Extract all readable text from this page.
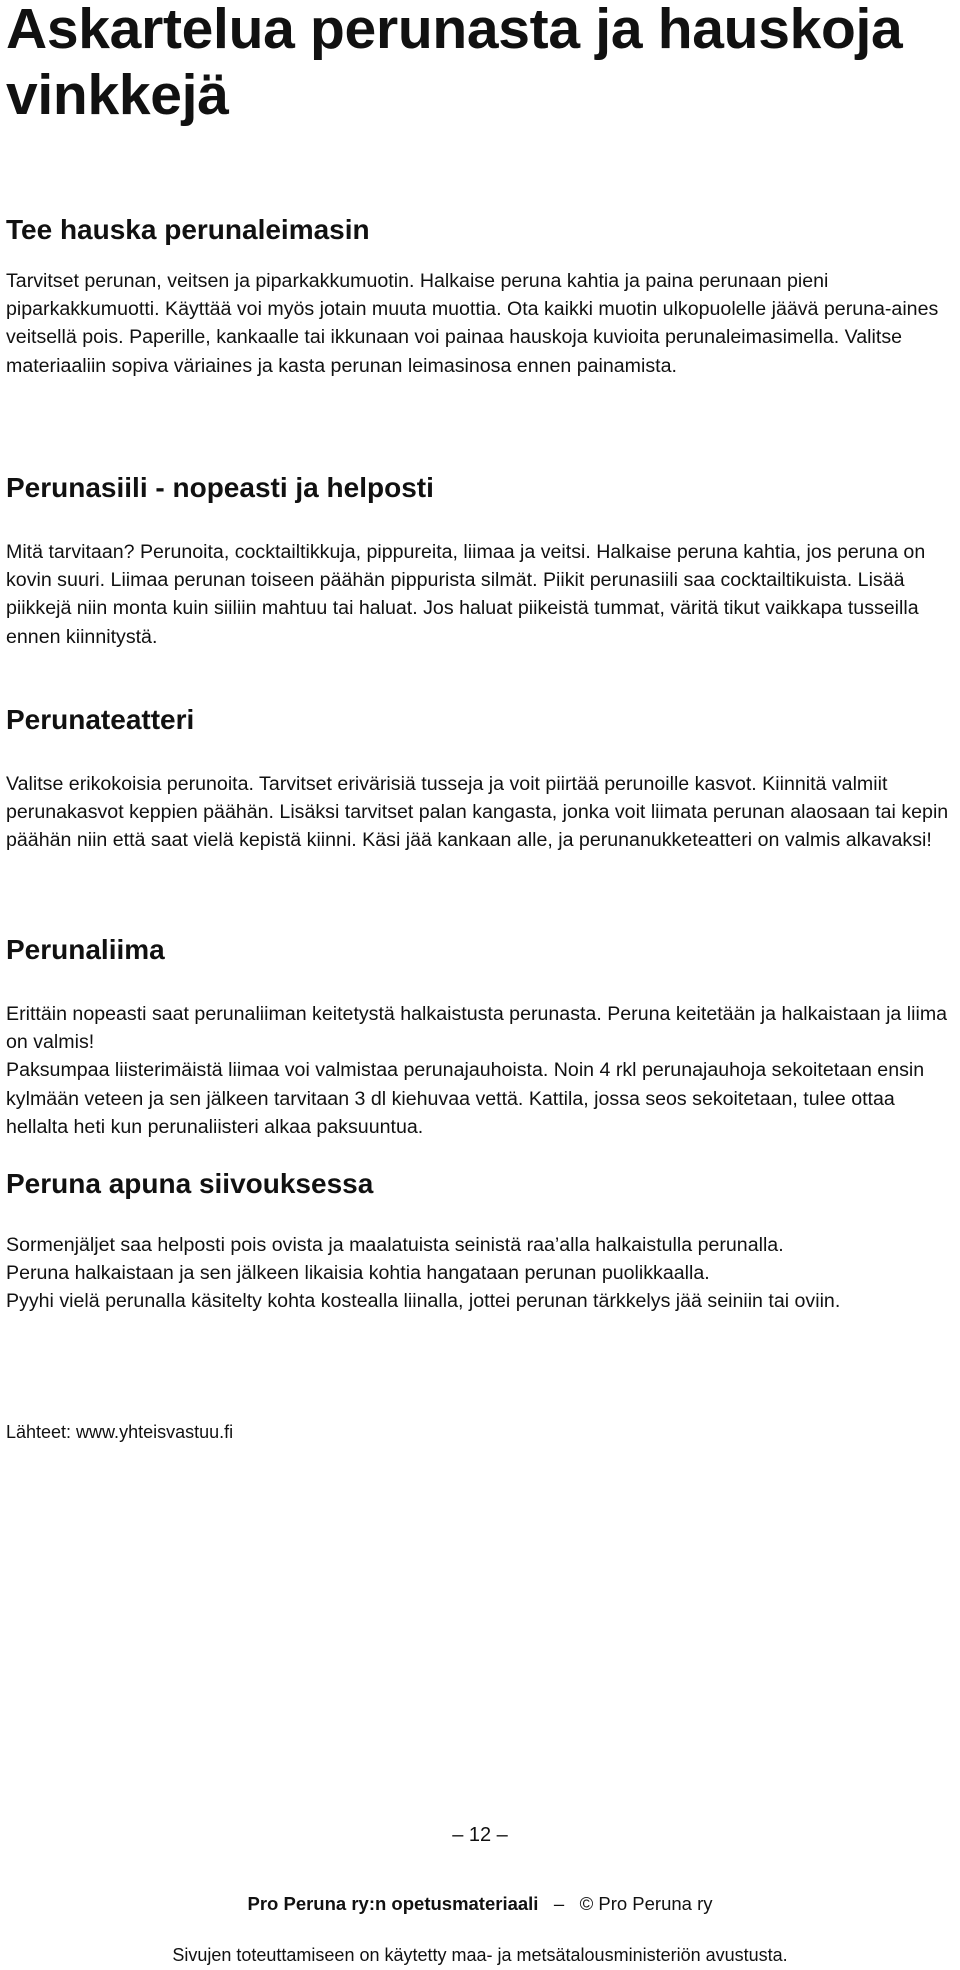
Askartelua perunasta ja hauskoja vinkkejä
Tee hauska perunaleimasin

Tarvitset perunan, veitsen ja piparkakkumuotin. Halkaise peruna kahtia ja paina perunaan pieni piparkakkumuotti. Käyttää voi myös jotain muuta muottia. Ota kaikki muotin ulkopuolelle jäävä peruna-aines veitsellä pois. Paperille, kankaalle tai ikkunaan voi painaa hauskoja kuvioita perunaleimasimella. Valitse materiaaliin sopiva väriaines ja kasta perunan leimasinosa ennen painamista.

Perunasiili - nopeasti ja helposti

Mitä tarvitaan? Perunoita, cocktailtikkuja, pippureita, liimaa ja veitsi. Halkaise peruna kahtia, jos peruna on kovin suuri. Liimaa perunan toiseen päähän pippurista silmät. Piikit perunasiili saa cocktailtikuista. Lisää piikkejä niin monta kuin siiliin mahtuu tai haluat. Jos haluat piikeistä tummat, väritä tikut vaikkapa tusseilla ennen kiinnitystä.

Perunateatteri

Valitse erikokoisia perunoita. Tarvitset erivärisiä tusseja ja voit piirtää perunoille kasvot. Kiinnitä valmiit perunakasvot keppien päähän. Lisäksi tarvitset palan kangasta, jonka voit liimata perunan alaosaan tai kepin päähän niin että saat vielä kepistä kiinni. Käsi jää kankaan alle, ja perunanukketeatteri on valmis alkavaksi!

Perunaliima

Erittäin nopeasti saat perunaliiman keitetystä halkaistusta perunasta. Peruna keitetään ja halkaistaan ja liima on valmis!

Paksumpaa liisterimäistä liimaa voi valmistaa perunajauhoista. Noin 4 rkl perunajauhoja sekoitetaan ensin kylmään veteen ja sen jälkeen tarvitaan 3 dl kiehuvaa vettä. Kattila, jossa seos sekoitetaan, tulee ottaa hellalta heti kun perunaliisteri alkaa paksuuntua.

Peruna apuna siivouksessa

Sormenjäljet saa helposti pois ovista ja maalatuista seinistä raa’alla halkaistulla perunalla.

Peruna halkaistaan ja sen jälkeen likaisia kohtia hangataan perunan puolikkaalla.

Pyyhi vielä perunalla käsitelty kohta kostealla liinalla, jottei perunan tärkkelys jää seiniin tai oviin.

Lähteet: www.yhteisvastuu.fi
– 12 –
Pro Peruna ry:n opetusmateriaali – © Pro Peruna ry
Sivujen toteuttamiseen on käytetty maa- ja metsätalousministeriön avustusta.
